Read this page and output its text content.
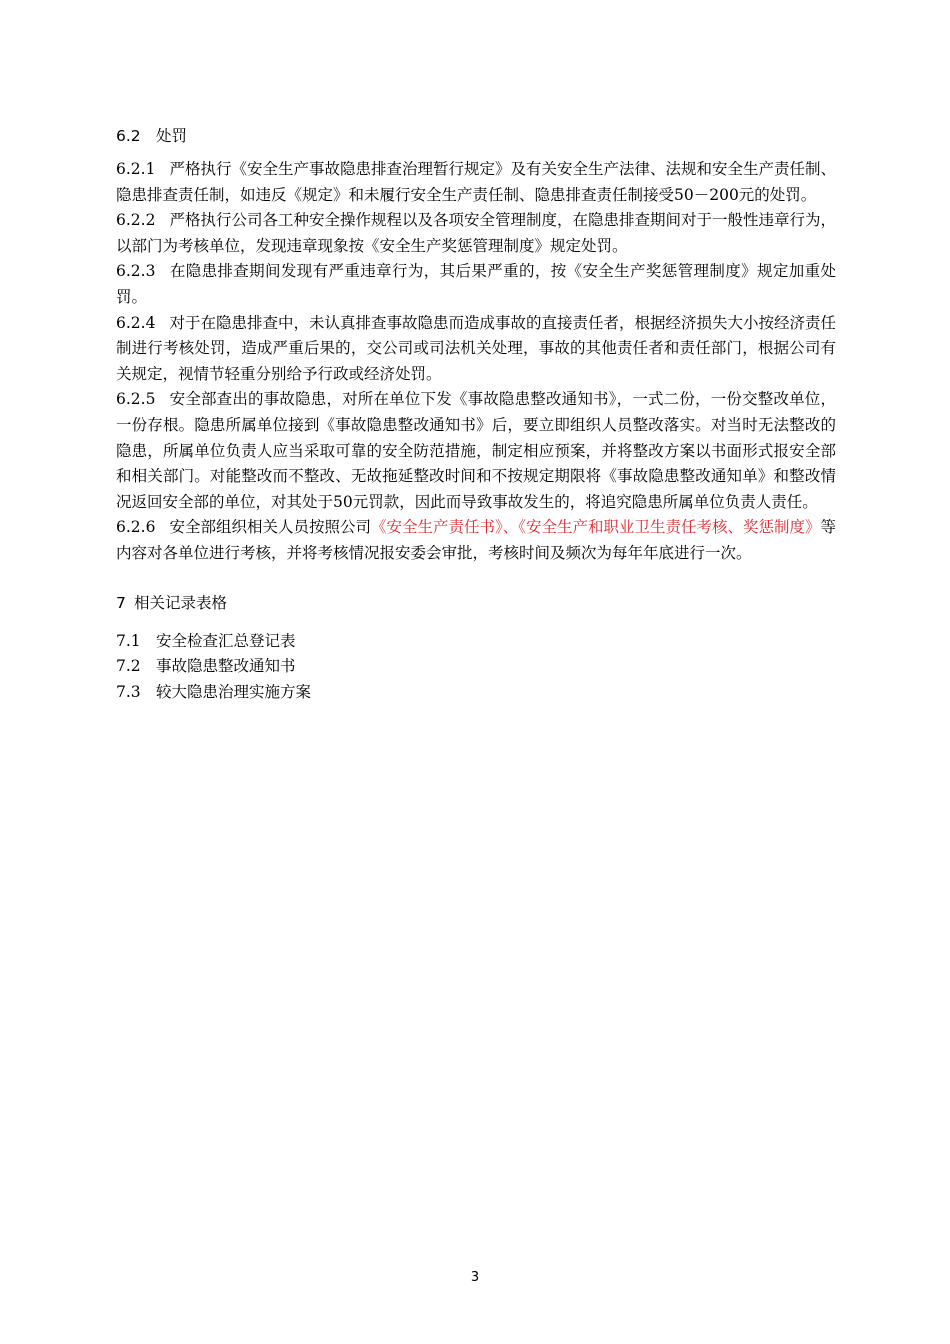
6.2 处罚

6.2.1 严格执行《安全生产事故隐患排查治理暂行规定》及有关安全生产法律、法规和安全生产责任制、隐患排查责任制，如违反《规定》和未履行安全生产责任制、隐患排查责任制接受50－200元的处罚。

6.2.2 严格执行公司各工种安全操作规程以及各项安全管理制度，在隐患排查期间对于一般性违章行为，以部门为考核单位，发现违章现象按《安全生产奖惩管理制度》规定处罚。

6.2.3 在隐患排查期间发现有严重违章行为，其后果严重的，按《安全生产奖惩管理制度》规定加重处罚。

6.2.4 对于在隐患排查中，未认真排查事故隐患而造成事故的直接责任者，根据经济损失大小按经济责任制进行考核处罚，造成严重后果的，交公司或司法机关处理，事故的其他责任者和责任部门，根据公司有关规定，视情节轻重分别给予行政或经济处罚。

6.2.5 安全部查出的事故隐患，对所在单位下发《事故隐患整改通知书》，一式二份，一份交整改单位，一份存根。隐患所属单位接到《事故隐患整改通知书》后，要立即组织人员整改落实。对当时无法整改的隐患，所属单位负责人应当采取可靠的安全防范措施，制定相应预案，并将整改方案以书面形式报安全部和相关部门。对能整改而不整改、无故拖延整改时间和不按规定期限将《事故隐患整改通知单》和整改情况返回安全部的单位，对其处于50元罚款，因此而导致事故发生的，将追究隐患所属单位负责人责任。

6.2.6 安全部组织相关人员按照公司《安全生产责任书》、《安全生产和职业卫生责任考核、奖惩制度》等内容对各单位进行考核，并将考核情况报安委会审批，考核时间及频次为每年年底进行一次。

7 相关记录表格

7.1 安全检查汇总登记表

7.2 事故隐患整改通知书

7.3 较大隐患治理实施方案

3
